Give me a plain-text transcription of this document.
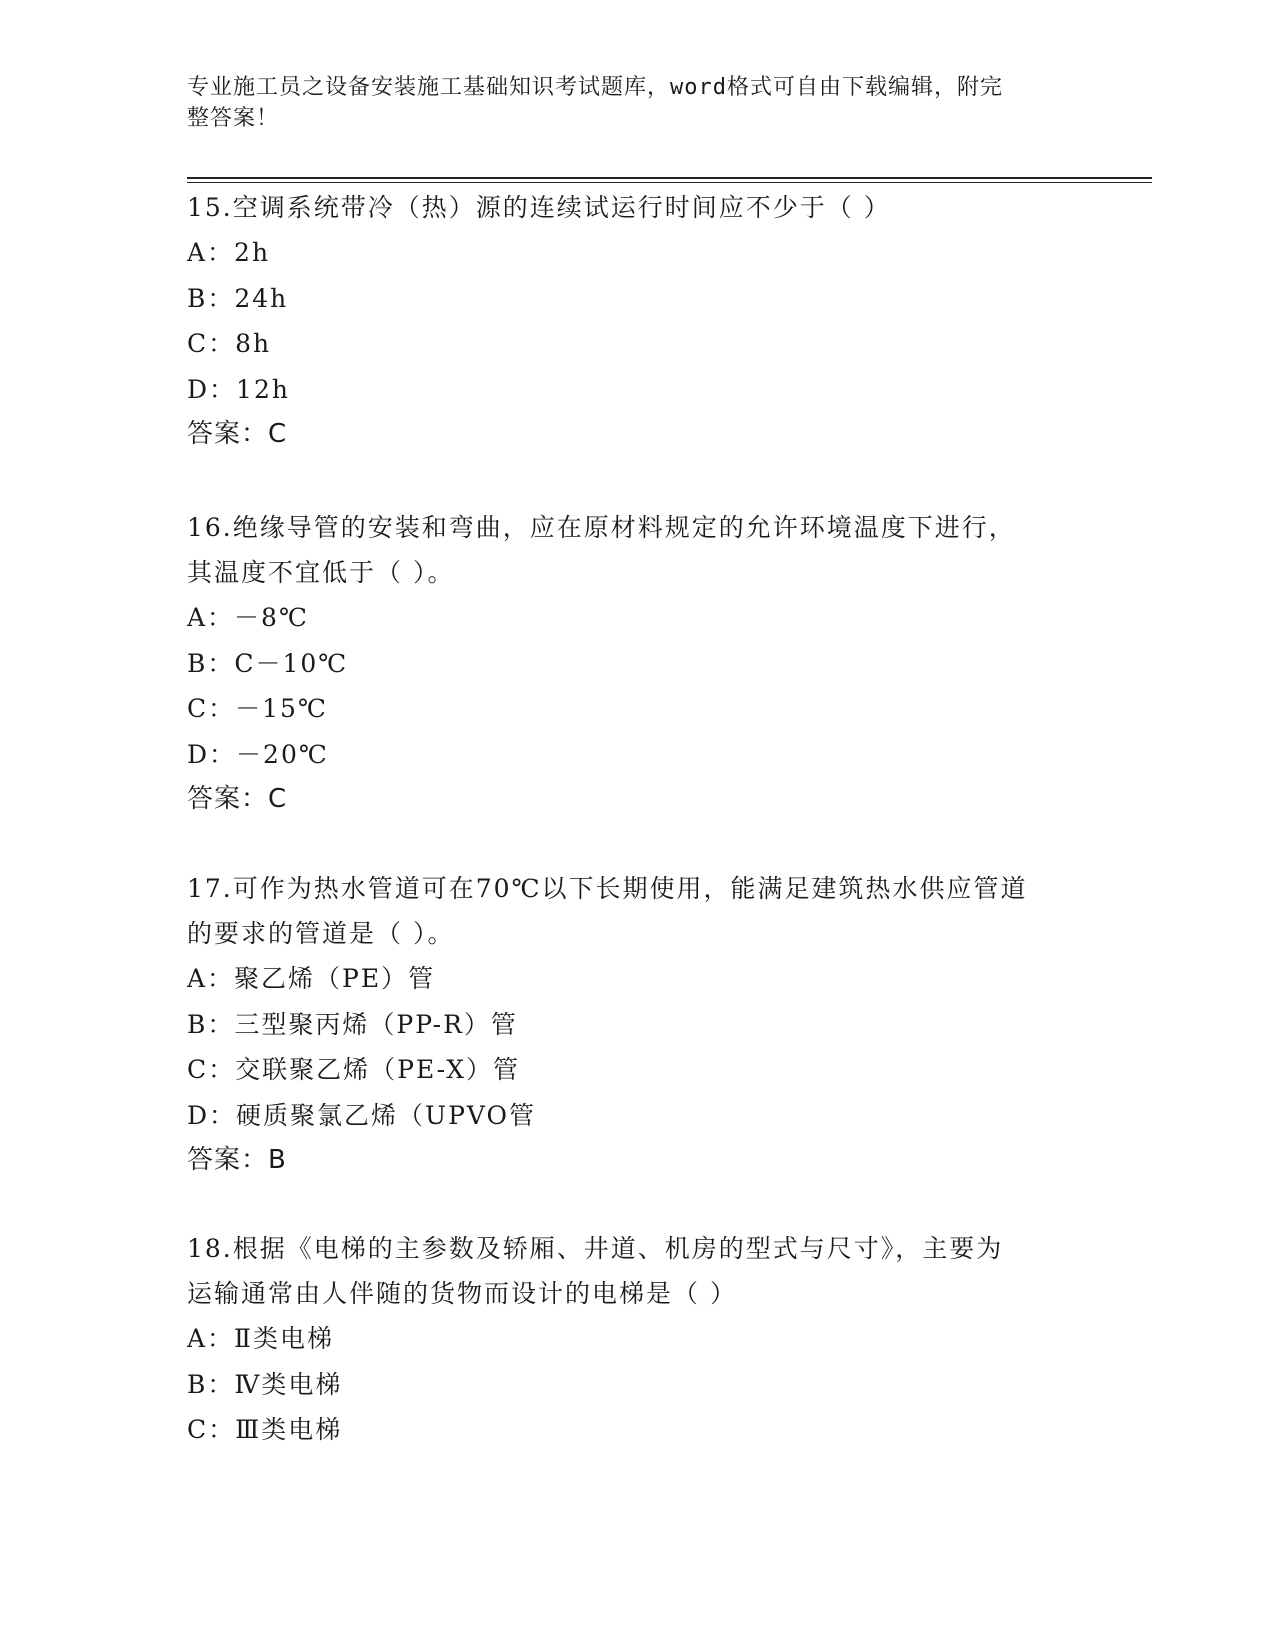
专业施工员之设备安装施工基础知识考试题库，word格式可自由下载编辑，附完
整答案！
15.空调系统带冷（热）源的连续试运行时间应不少于（ ）
A：2h
B：24h
C：8h
D：12h
答案：C
16.绝缘导管的安装和弯曲，应在原材料规定的允许环境温度下进行，
其温度不宜低于（ ）。
A：－8℃
B：C－10℃
C：－15℃
D：－20℃
答案：C
17.可作为热水管道可在70℃以下长期使用，能满足建筑热水供应管道
的要求的管道是（ ）。
A：聚乙烯（PE）管
B：三型聚丙烯（PP-R）管
C：交联聚乙烯（PE-X）管
D：硬质聚氯乙烯（UPVO管
答案：B
18.根据《电梯的主参数及轿厢、井道、机房的型式与尺寸》，主要为
运输通常由人伴随的货物而设计的电梯是（ ）
A：Ⅱ类电梯
B：Ⅳ类电梯
C：Ⅲ类电梯
